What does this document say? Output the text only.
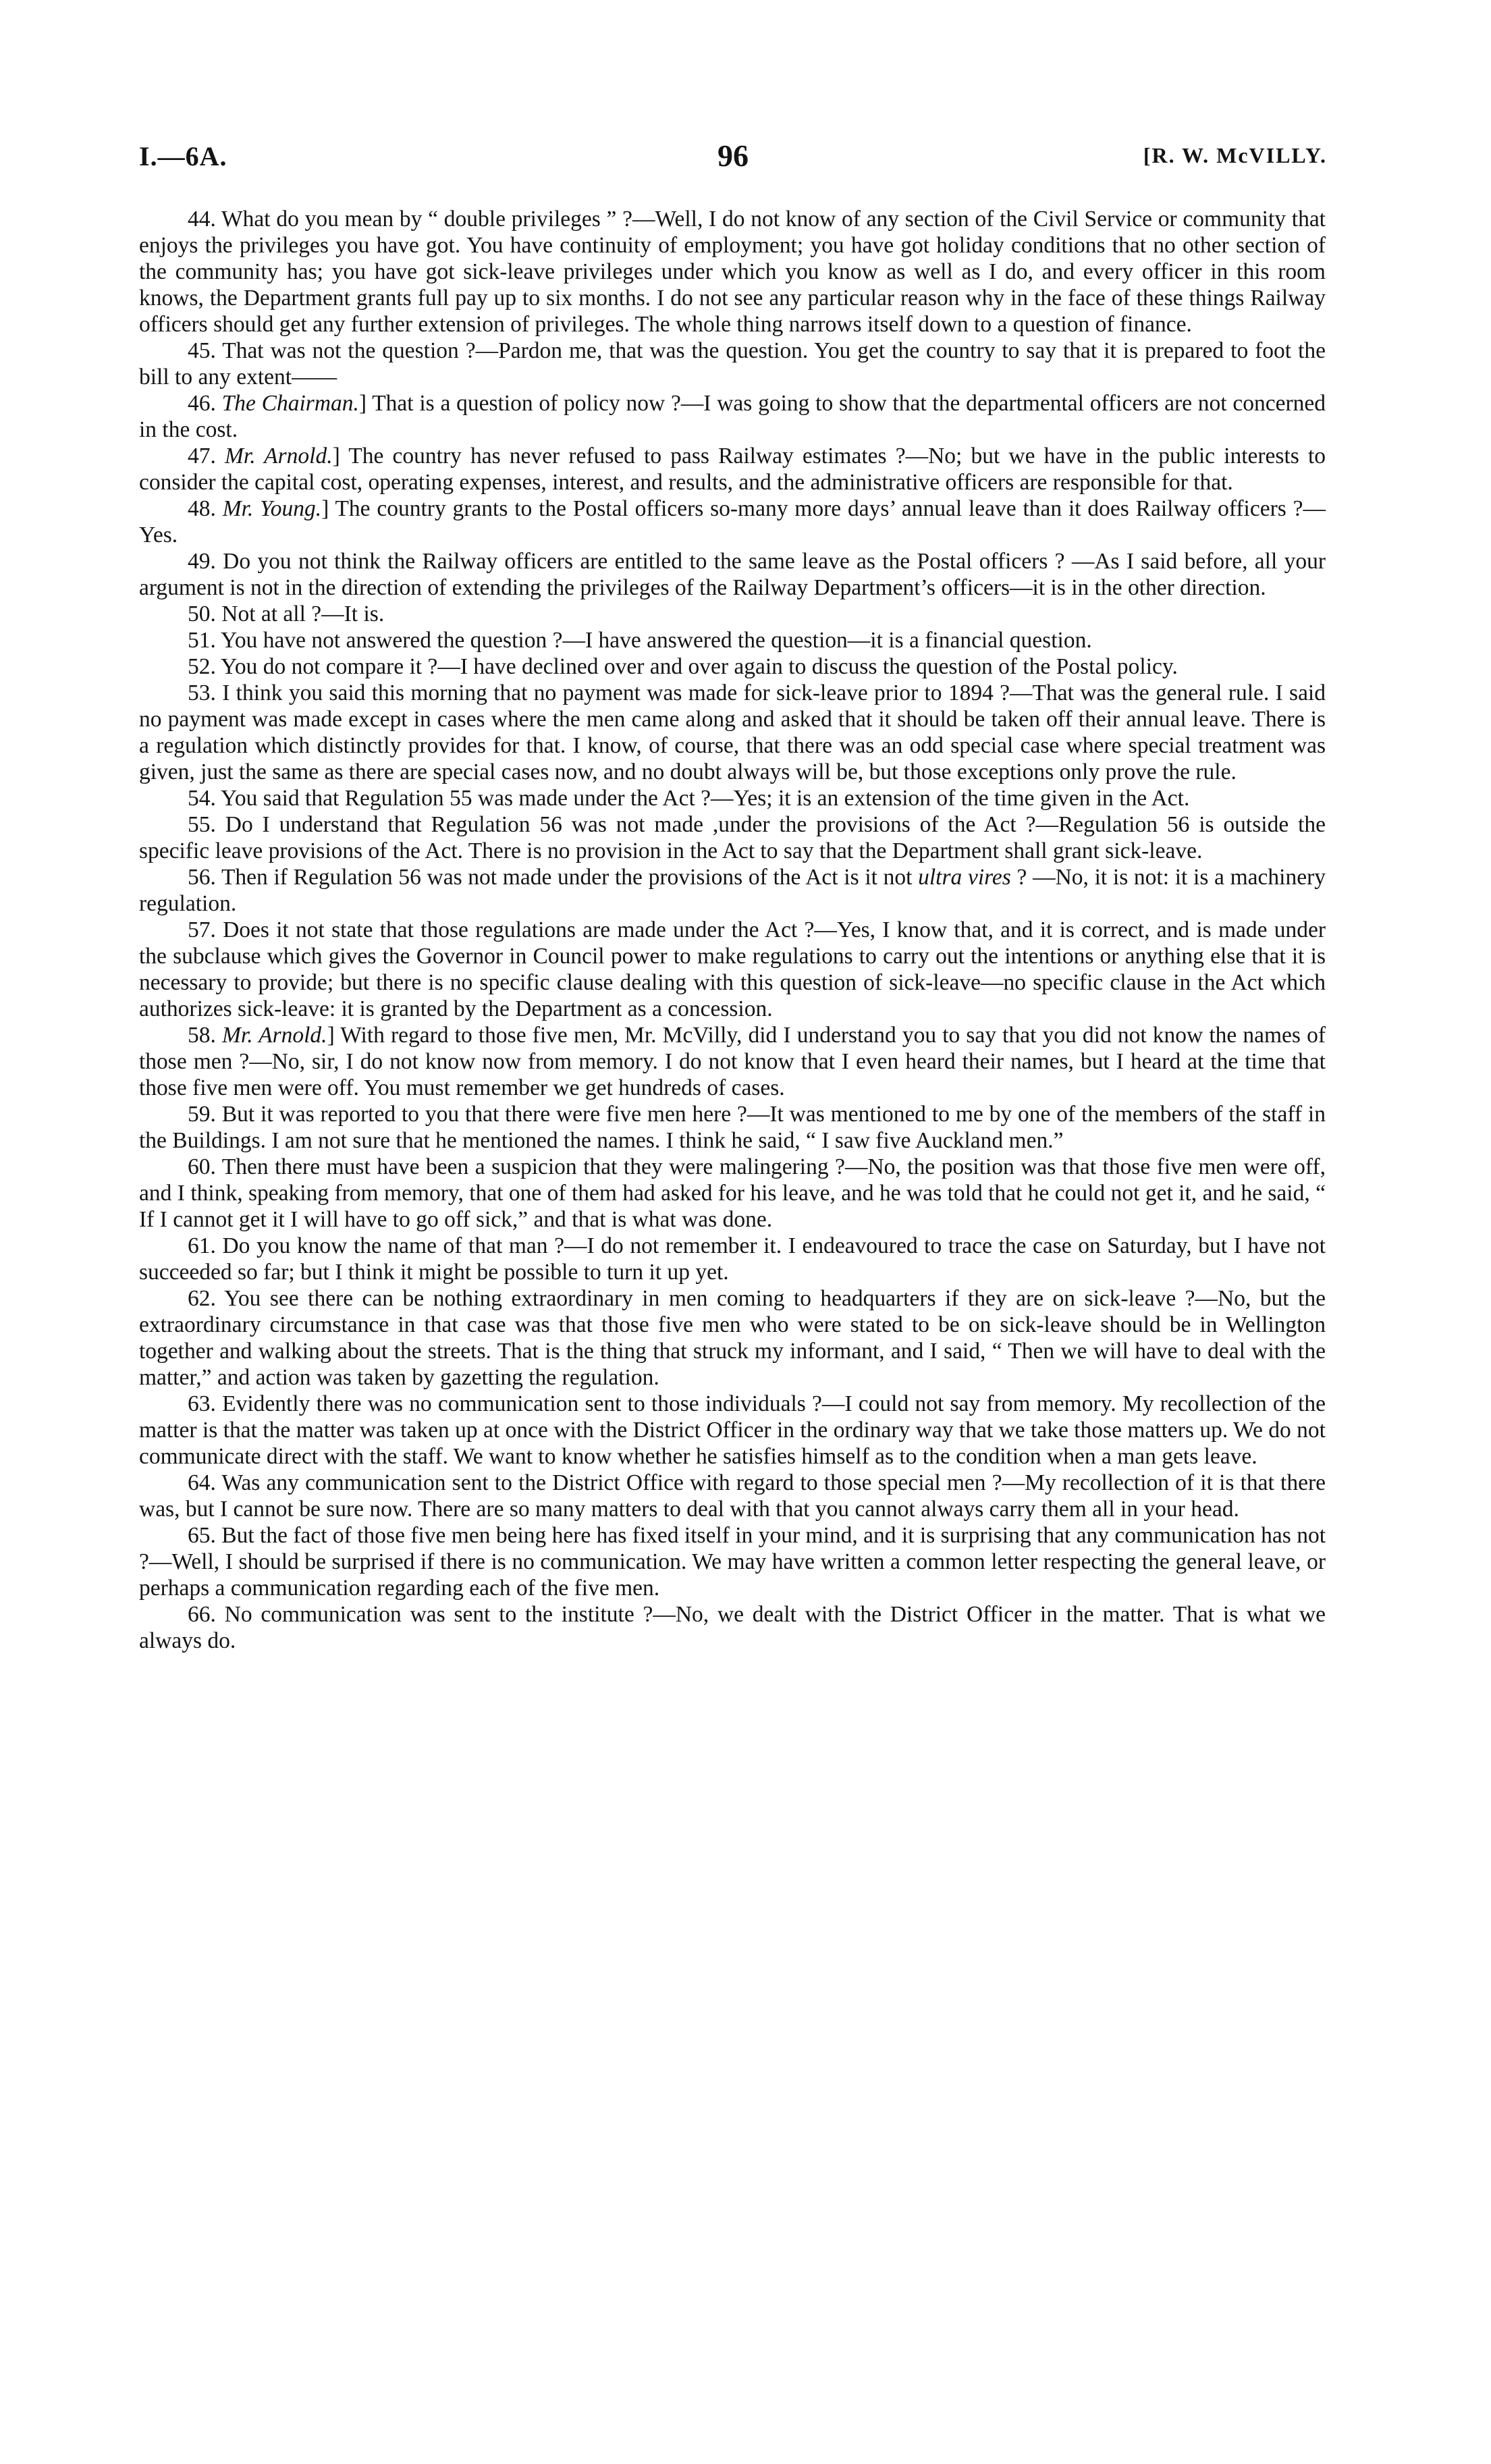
I.—6A.	96	[R. W. McVILLY.

44. What do you mean by “ double privileges ” ?—Well, I do not know of any section of the Civil Service or community that enjoys the privileges you have got. You have continuity of employment; you have got holiday conditions that no other section of the community has; you have got sick-leave privileges under which you know as well as I do, and every officer in this room knows, the Department grants full pay up to six months. I do not see any particular reason why in the face of these things Railway officers should get any further extension of privileges. The whole thing narrows itself down to a question of finance.

45. That was not the question ?—Pardon me, that was the question. You get the country to say that it is prepared to foot the bill to any extent——

46. The Chairman.] That is a question of policy now ?—I was going to show that the departmental officers are not concerned in the cost.

47. Mr. Arnold.] The country has never refused to pass Railway estimates ?—No; but we have in the public interests to consider the capital cost, operating expenses, interest, and results, and the administrative officers are responsible for that.

48. Mr. Young.] The country grants to the Postal officers so-many more days’ annual leave than it does Railway officers ?—Yes.

49. Do you not think the Railway officers are entitled to the same leave as the Postal officers ? —As I said before, all your argument is not in the direction of extending the privileges of the Railway Department’s officers—it is in the other direction.

50. Not at all ?—It is.

51. You have not answered the question ?—I have answered the question—it is a financial question.

52. You do not compare it ?—I have declined over and over again to discuss the question of the Postal policy.

53. I think you said this morning that no payment was made for sick-leave prior to 1894 ?—That was the general rule. I said no payment was made except in cases where the men came along and asked that it should be taken off their annual leave. There is a regulation which distinctly provides for that. I know, of course, that there was an odd special case where special treatment was given, just the same as there are special cases now, and no doubt always will be, but those exceptions only prove the rule.

54. You said that Regulation 55 was made under the Act ?—Yes; it is an extension of the time given in the Act.

55. Do I understand that Regulation 56 was not made ,under the provisions of the Act ?—Regulation 56 is outside the specific leave provisions of the Act. There is no provision in the Act to say that the Department shall grant sick-leave.

56. Then if Regulation 56 was not made under the provisions of the Act is it not ultra vires ? —No, it is not: it is a machinery regulation.

57. Does it not state that those regulations are made under the Act ?—Yes, I know that, and it is correct, and is made under the subclause which gives the Governor in Council power to make regulations to carry out the intentions or anything else that it is necessary to provide; but there is no specific clause dealing with this question of sick-leave—no specific clause in the Act which authorizes sick-leave: it is granted by the Department as a concession.

58. Mr. Arnold.] With regard to those five men, Mr. McVilly, did I understand you to say that you did not know the names of those men ?—No, sir, I do not know now from memory. I do not know that I even heard their names, but I heard at the time that those five men were off. You must remember we get hundreds of cases.

59. But it was reported to you that there were five men here ?—It was mentioned to me by one of the members of the staff in the Buildings. I am not sure that he mentioned the names. I think he said, “ I saw five Auckland men.”

60. Then there must have been a suspicion that they were malingering ?—No, the position was that those five men were off, and I think, speaking from memory, that one of them had asked for his leave, and he was told that he could not get it, and he said, “ If I cannot get it I will have to go off sick,” and that is what was done.

61. Do you know the name of that man ?—I do not remember it. I endeavoured to trace the case on Saturday, but I have not succeeded so far; but I think it might be possible to turn it up yet.

62. You see there can be nothing extraordinary in men coming to headquarters if they are on sick-leave ?—No, but the extraordinary circumstance in that case was that those five men who were stated to be on sick-leave should be in Wellington together and walking about the streets. That is the thing that struck my informant, and I said, “ Then we will have to deal with the matter,” and action was taken by gazetting the regulation.

63. Evidently there was no communication sent to those individuals ?—I could not say from memory. My recollection of the matter is that the matter was taken up at once with the District Officer in the ordinary way that we take those matters up. We do not communicate direct with the staff. We want to know whether he satisfies himself as to the condition when a man gets leave.

64. Was any communication sent to the District Office with regard to those special men ?—My recollection of it is that there was, but I cannot be sure now. There are so many matters to deal with that you cannot always carry them all in your head.

65. But the fact of those five men being here has fixed itself in your mind, and it is surprising that any communication has not ?—Well, I should be surprised if there is no communication. We may have written a common letter respecting the general leave, or perhaps a communication regarding each of the five men.

66. No communication was sent to the institute ?—No, we dealt with the District Officer in the matter. That is what we always do.
